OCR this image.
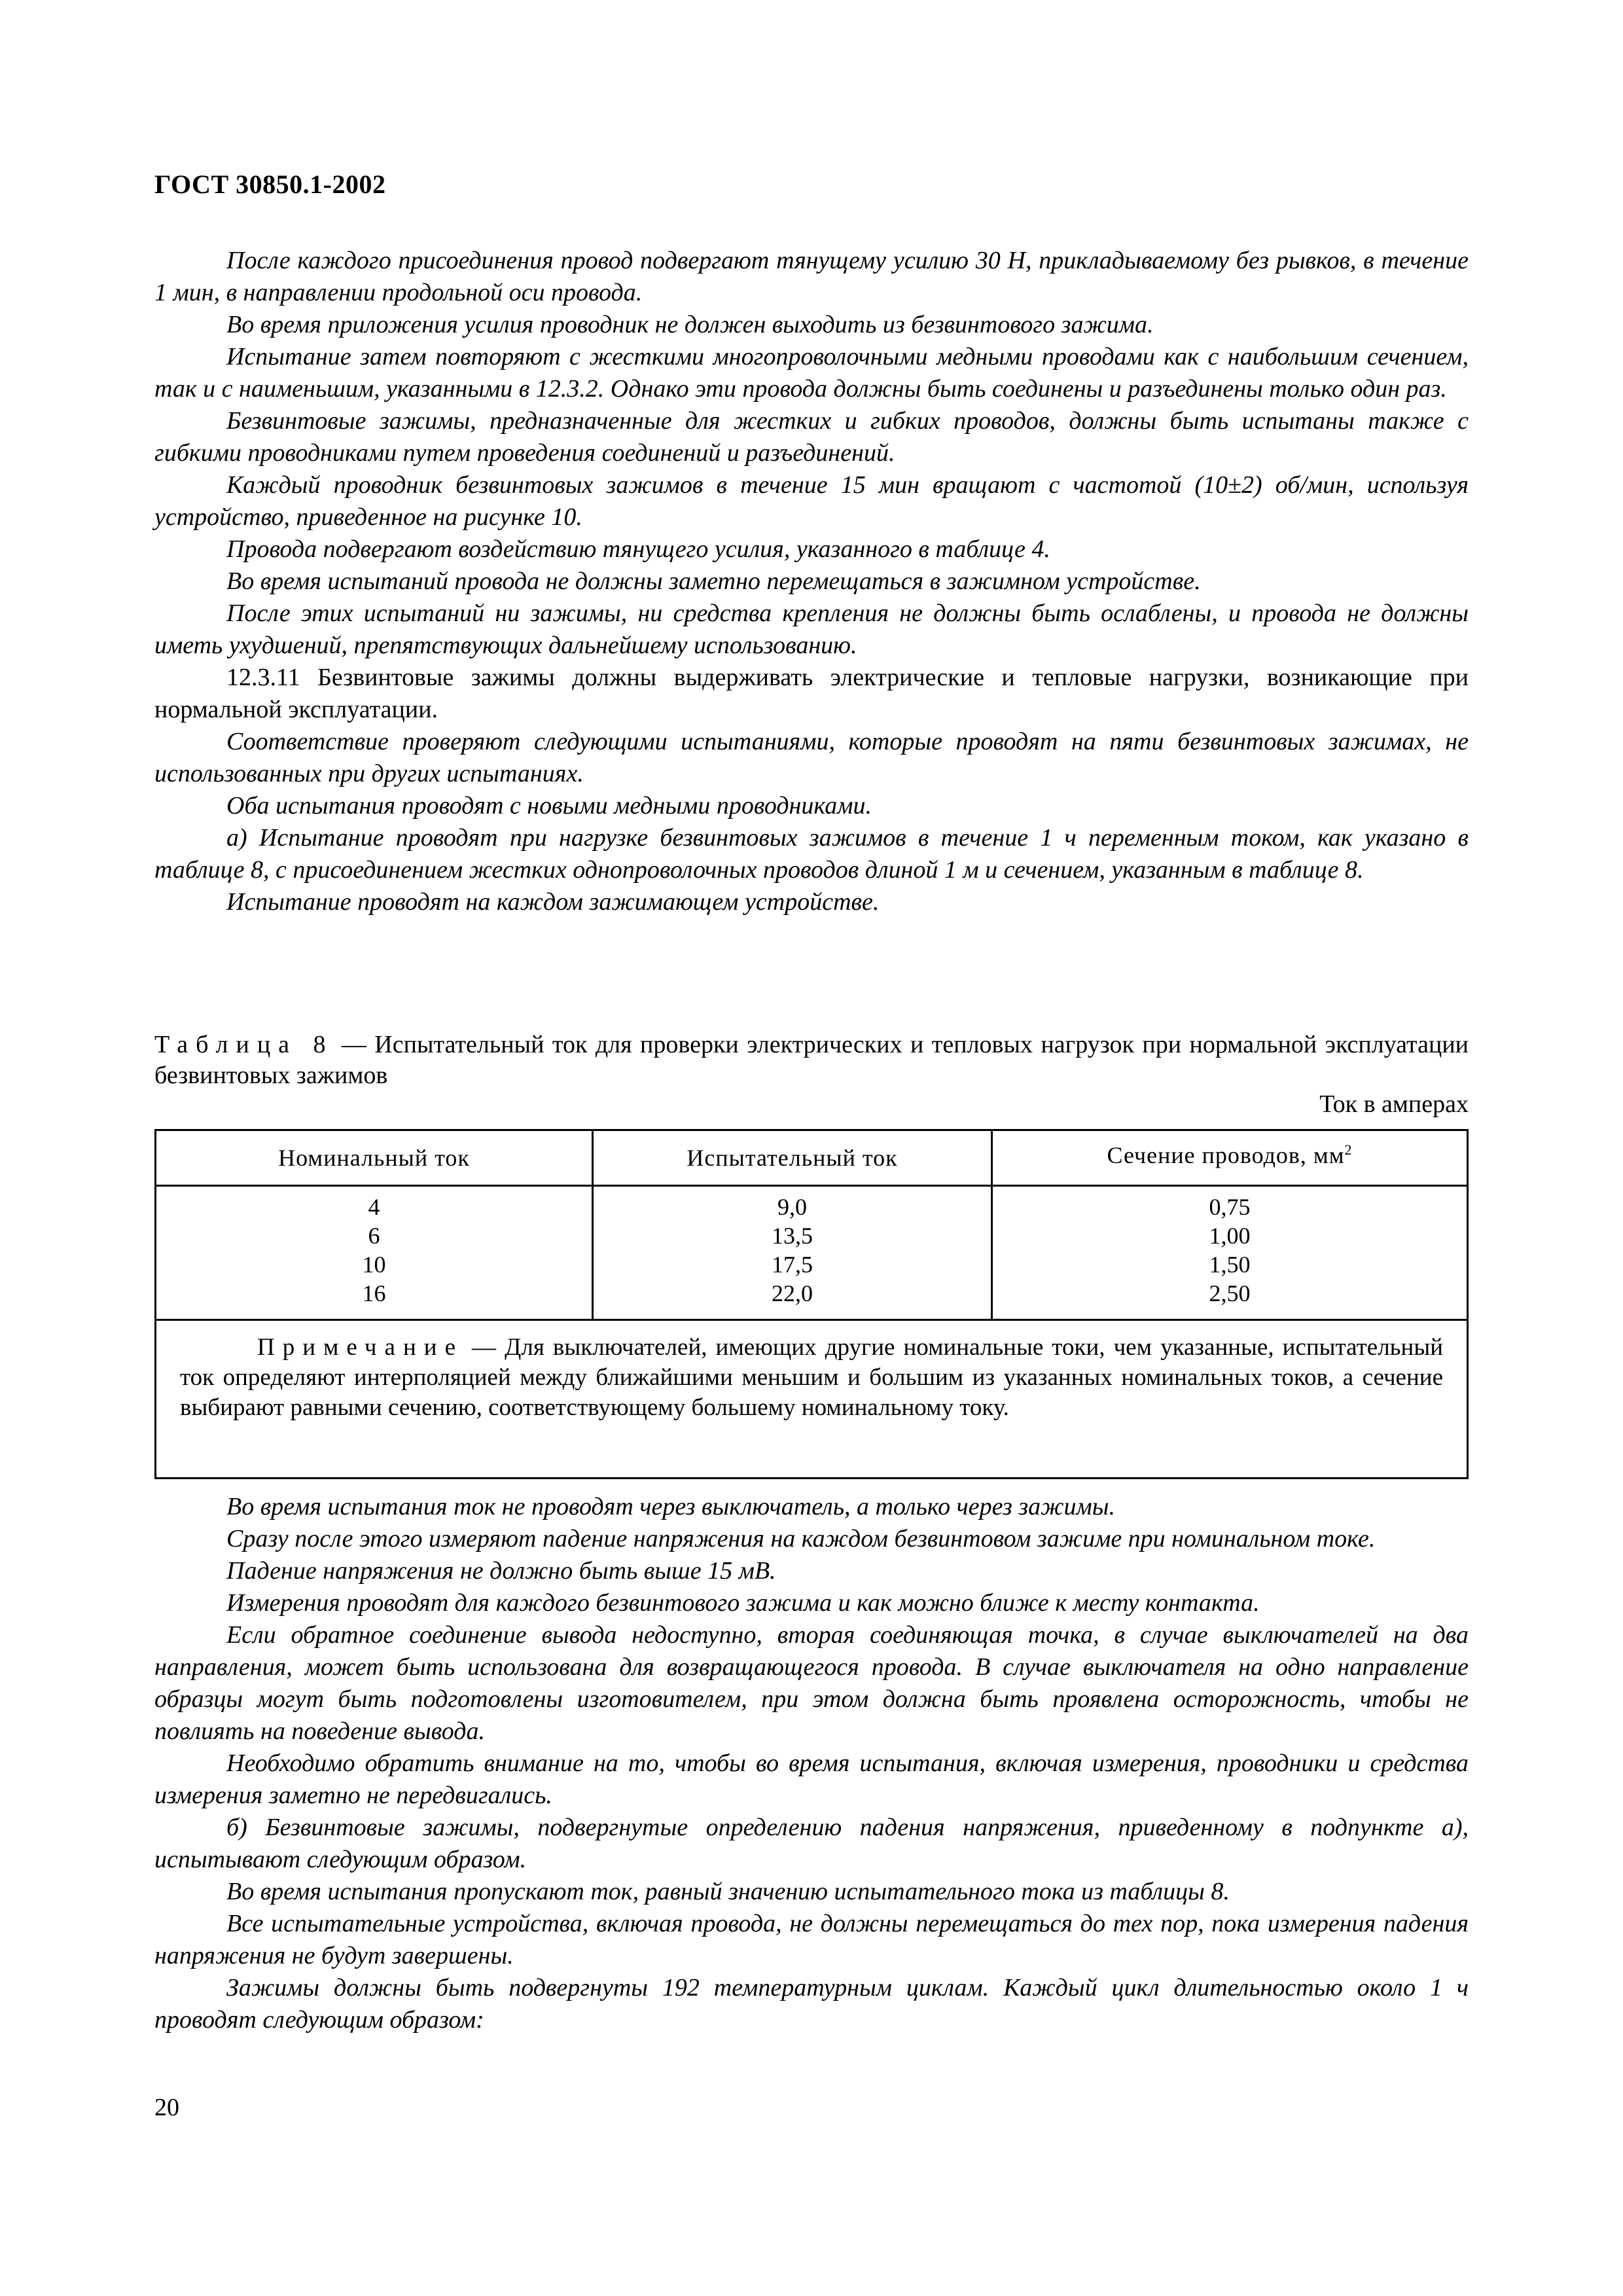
ГОСТ 30850.1-2002

После каждого присоединения провод подвергают тянущему усилию 30 Н, прикладываемому без рывков, в течение 1 мин, в направлении продольной оси провода.

Во время приложения усилия проводник не должен выходить из безвинтового зажима.

Испытание затем повторяют с жесткими многопроволочными медными проводами как с наибольшим сечением, так и с наименьшим, указанными в 12.3.2. Однако эти провода должны быть соединены и разъединены только один раз.

Безвинтовые зажимы, предназначенные для жестких и гибких проводов, должны быть испытаны также с гибкими проводниками путем проведения соединений и разъединений.

Каждый проводник безвинтовых зажимов в течение 15 мин вращают с частотой (10±2) об/мин, используя устройство, приведенное на рисунке 10.

Провода подвергают воздействию тянущего усилия, указанного в таблице 4.

Во время испытаний провода не должны заметно перемещаться в зажимном устройстве.

После этих испытаний ни зажимы, ни средства крепления не должны быть ослаблены, и провода не должны иметь ухудшений, препятствующих дальнейшему использованию.

12.3.11 Безвинтовые зажимы должны выдерживать электрические и тепловые нагрузки, возникающие при нормальной эксплуатации.

Соответствие проверяют следующими испытаниями, которые проводят на пяти безвинтовых зажимах, не использованных при других испытаниях.

Оба испытания проводят с новыми медными проводниками.

а) Испытание проводят при нагрузке безвинтовых зажимов в течение 1 ч переменным током, как указано в таблице 8, с присоединением жестких однопроволочных проводов длиной 1 м и сечением, указанным в таблице 8.

Испытание проводят на каждом зажимающем устройстве.

Таблица 8 — Испытательный ток для проверки электрических и тепловых нагрузок при нормальной эксплуатации безвинтовых зажимов
Ток в амперах
Номинальный ток	Испытательный ток	Сечение проводов, $мм^2$
4
6
10
16
9,0
13,5
17,5
22,0
0,75
1,00
1,50
2,50
Примечание — Для выключателей, имеющих другие номинальные токи, чем указанные, испытательный ток определяют интерполяцией между ближайшими меньшим и большим из указанных номинальных токов, а сечение выбирают равными сечению, соответствующему большему номинальному току.

Во время испытания ток не проводят через выключатель, а только через зажимы.

Сразу после этого измеряют падение напряжения на каждом безвинтовом зажиме при номинальном токе.

Падение напряжения не должно быть выше 15 мВ.

Измерения проводят для каждого безвинтового зажима и как можно ближе к месту контакта.

Если обратное соединение вывода недоступно, вторая соединяющая точка, в случае выключателей на два направления, может быть использована для возвращающегося провода. В случае выключателя на одно направление образцы могут быть подготовлены изготовителем, при этом должна быть проявлена осторожность, чтобы не повлиять на поведение вывода.

Необходимо обратить внимание на то, чтобы во время испытания, включая измерения, проводники и средства измерения заметно не передвигались.

б) Безвинтовые зажимы, подвергнутые определению падения напряжения, приведенному в подпункте а), испытывают следующим образом.

Во время испытания пропускают ток, равный значению испытательного тока из таблицы 8.

Все испытательные устройства, включая провода, не должны перемещаться до тех пор, пока измерения падения напряжения не будут завершены.

Зажимы должны быть подвергнуты 192 температурным циклам. Каждый цикл длительностью около 1 ч проводят следующим образом:

20
